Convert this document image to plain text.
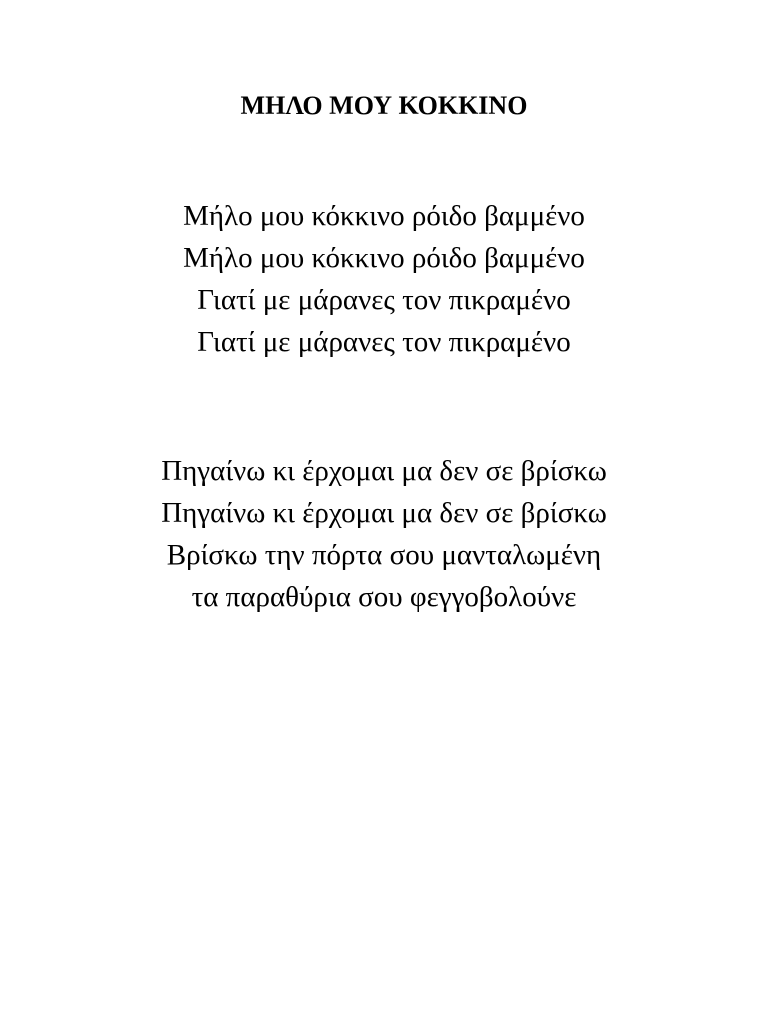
ΜΗΛΟ ΜΟΥ ΚΟΚΚΙΝΟ
Μήλο μου κόκκινο ρόιδο βαμμένο
Μήλο μου κόκκινο ρόιδο βαμμένο
Γιατί με μάρανες τον πικραμένο
Γιατί με μάρανες τον πικραμένο
Πηγαίνω κι έρχομαι μα δεν σε βρίσκω
Πηγαίνω κι έρχομαι μα δεν σε βρίσκω
Βρίσκω την πόρτα σου μανταλωμένη
τα παραθύρια σου φεγγοβολούνε
